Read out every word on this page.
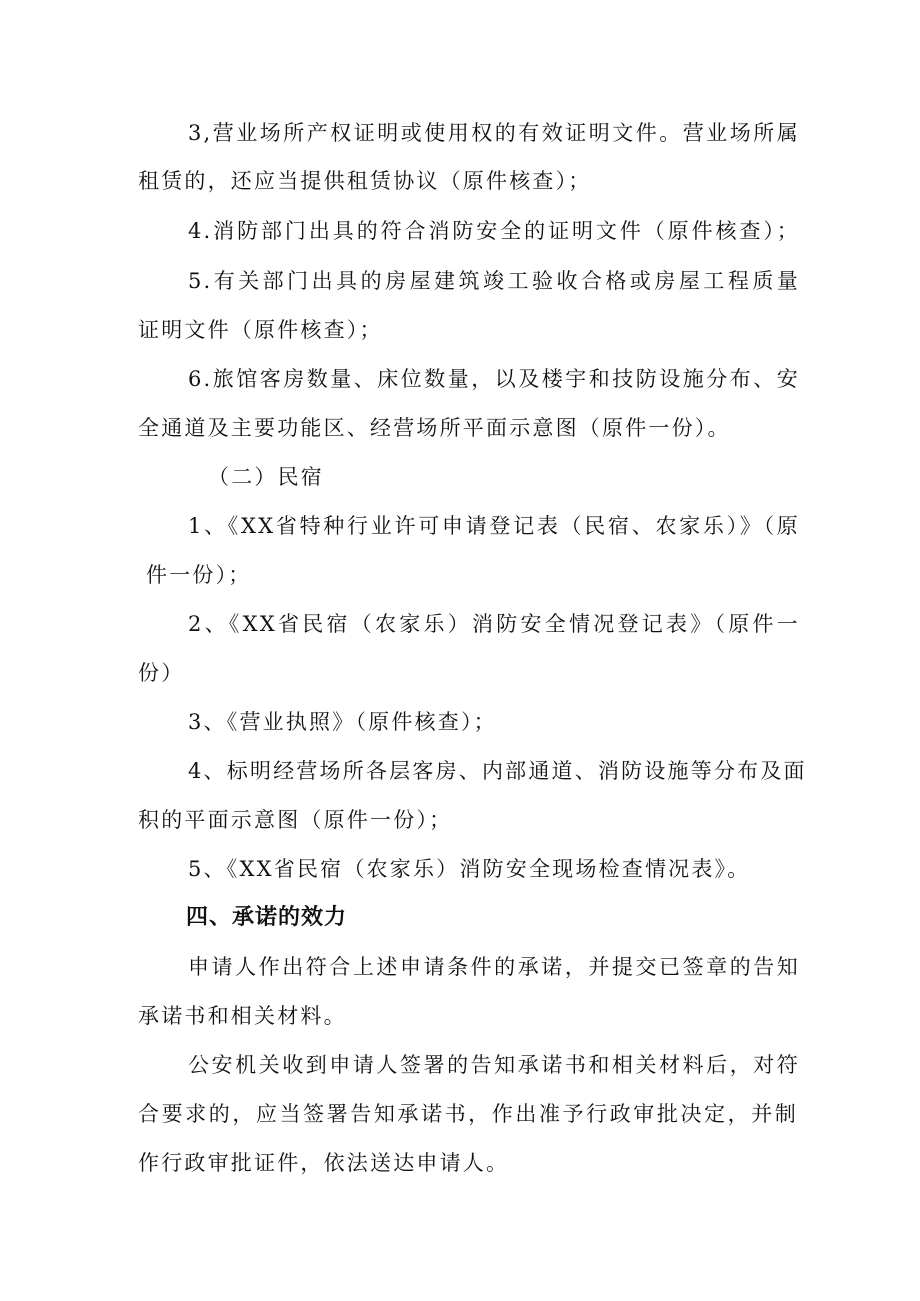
3,营业场所产权证明或使用权的有效证明文件。营业场所属
租赁的，还应当提供租赁协议（原件核查）；
4.消防部门出具的符合消防安全的证明文件（原件核查）；
5.有关部门出具的房屋建筑竣工验收合格或房屋工程质量
证明文件（原件核查）；
6.旅馆客房数量、床位数量，以及楼宇和技防设施分布、安
全通道及主要功能区、经营场所平面示意图（原件一份）。
（二）民宿
1、《XX省特种行业许可申请登记表（民宿、农家乐）》（原
件一份）；
2、《XX省民宿（农家乐）消防安全情况登记表》（原件一
份）
3、《营业执照》（原件核查）；
4、标明经营场所各层客房、内部通道、消防设施等分布及面
积的平面示意图（原件一份）；
5、《XX省民宿（农家乐）消防安全现场检查情况表》。
四、承诺的效力
申请人作出符合上述申请条件的承诺，并提交已签章的告知
承诺书和相关材料。
公安机关收到申请人签署的告知承诺书和相关材料后，对符
合要求的，应当签署告知承诺书，作出准予行政审批决定，并制
作行政审批证件，依法送达申请人。
